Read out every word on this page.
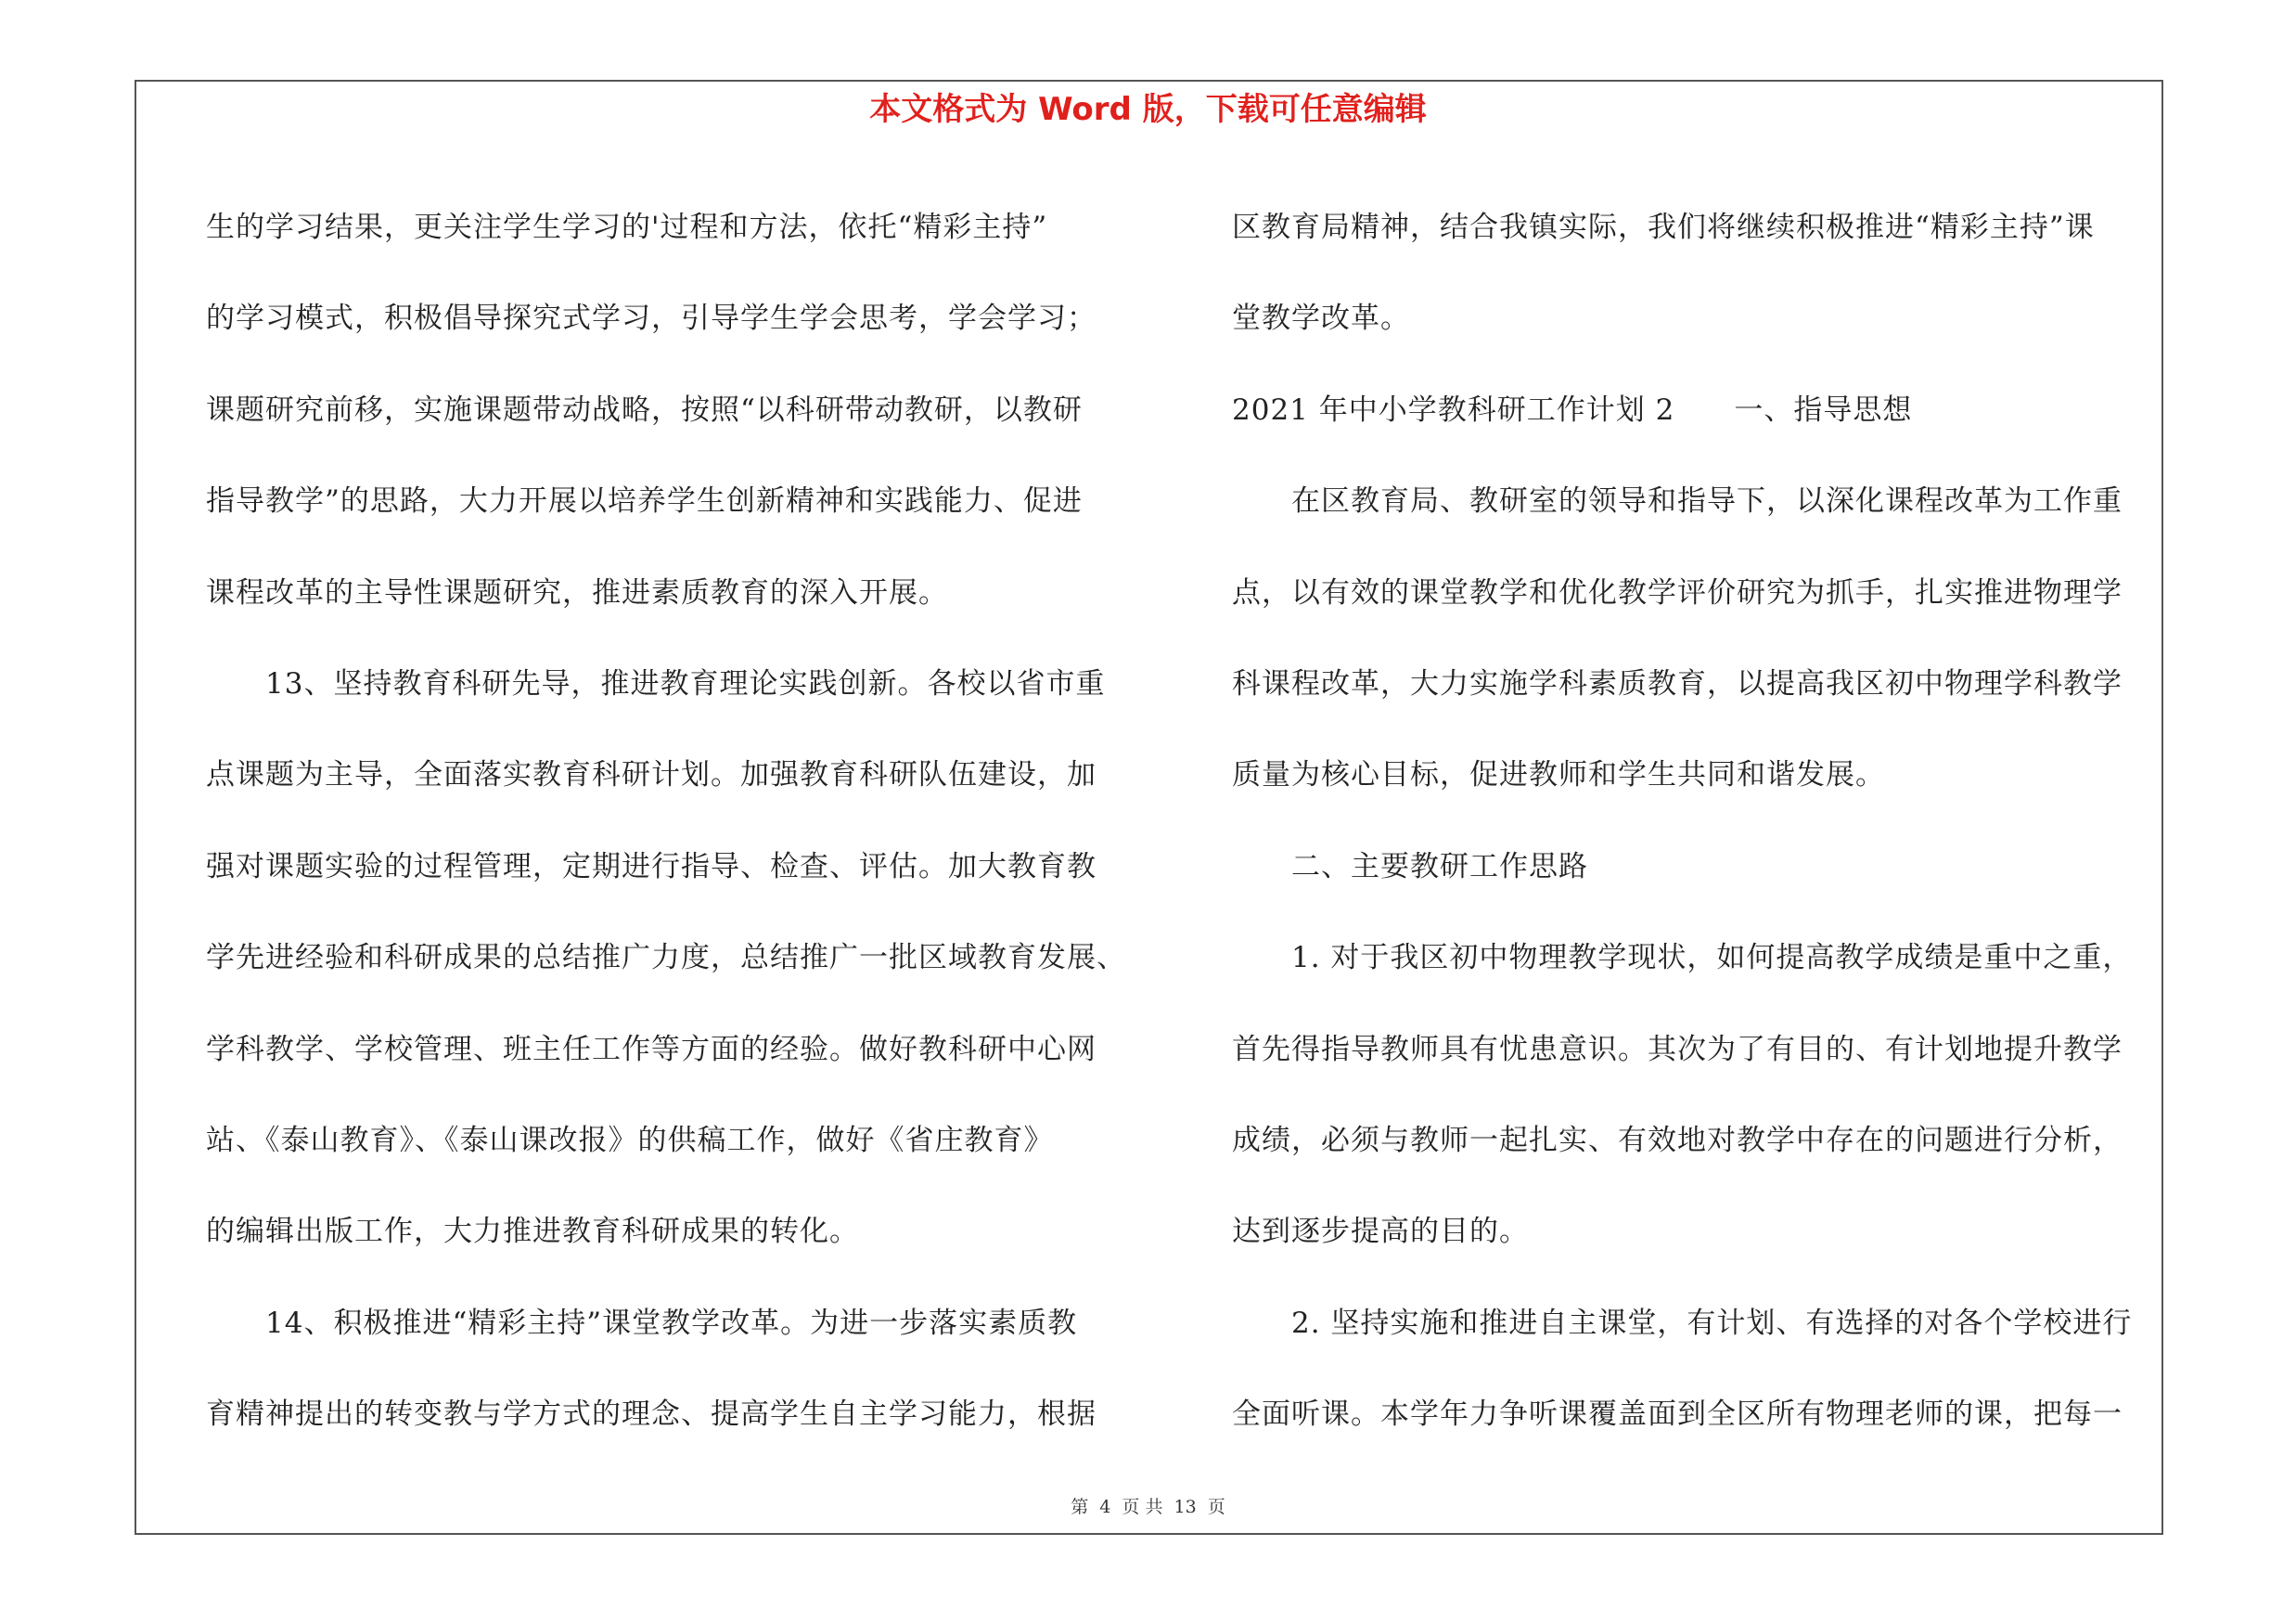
本文格式为 Word 版，下载可任意编辑
生的学习结果，更关注学生学习的'过程和方法，依托“精彩主持”
的学习模式，积极倡导探究式学习，引导学生学会思考，学会学习；
课题研究前移，实施课题带动战略，按照“以科研带动教研，以教研
指导教学”的思路，大力开展以培养学生创新精神和实践能力、促进
课程改革的主导性课题研究，推进素质教育的深入开展。
13、坚持教育科研先导，推进教育理论实践创新。各校以省市重
点课题为主导，全面落实教育科研计划。加强教育科研队伍建设，加
强对课题实验的过程管理，定期进行指导、检查、评估。加大教育教
学先进经验和科研成果的总结推广力度，总结推广一批区域教育发展、
学科教学、学校管理、班主任工作等方面的经验。做好教科研中心网
站、《泰山教育》、《泰山课改报》的供稿工作，做好《省庄教育》
的编辑出版工作，大力推进教育科研成果的转化。
14、积极推进“精彩主持”课堂教学改革。为进一步落实素质教
育精神提出的转变教与学方式的理念、提高学生自主学习能力，根据
区教育局精神，结合我镇实际，我们将继续积极推进“精彩主持”课
堂教学改革。
2021 年中小学教科研工作计划 2　　一、指导思想
在区教育局、教研室的领导和指导下，以深化课程改革为工作重
点，以有效的课堂教学和优化教学评价研究为抓手，扎实推进物理学
科课程改革，大力实施学科素质教育，以提高我区初中物理学科教学
质量为核心目标，促进教师和学生共同和谐发展。
二、主要教研工作思路
1. 对于我区初中物理教学现状，如何提高教学成绩是重中之重，
首先得指导教师具有忧患意识。其次为了有目的、有计划地提升教学
成绩，必须与教师一起扎实、有效地对教学中存在的问题进行分析，
达到逐步提高的目的。
2. 坚持实施和推进自主课堂，有计划、有选择的对各个学校进行
全面听课。本学年力争听课覆盖面到全区所有物理老师的课，把每一
第 4 页 共 13 页
